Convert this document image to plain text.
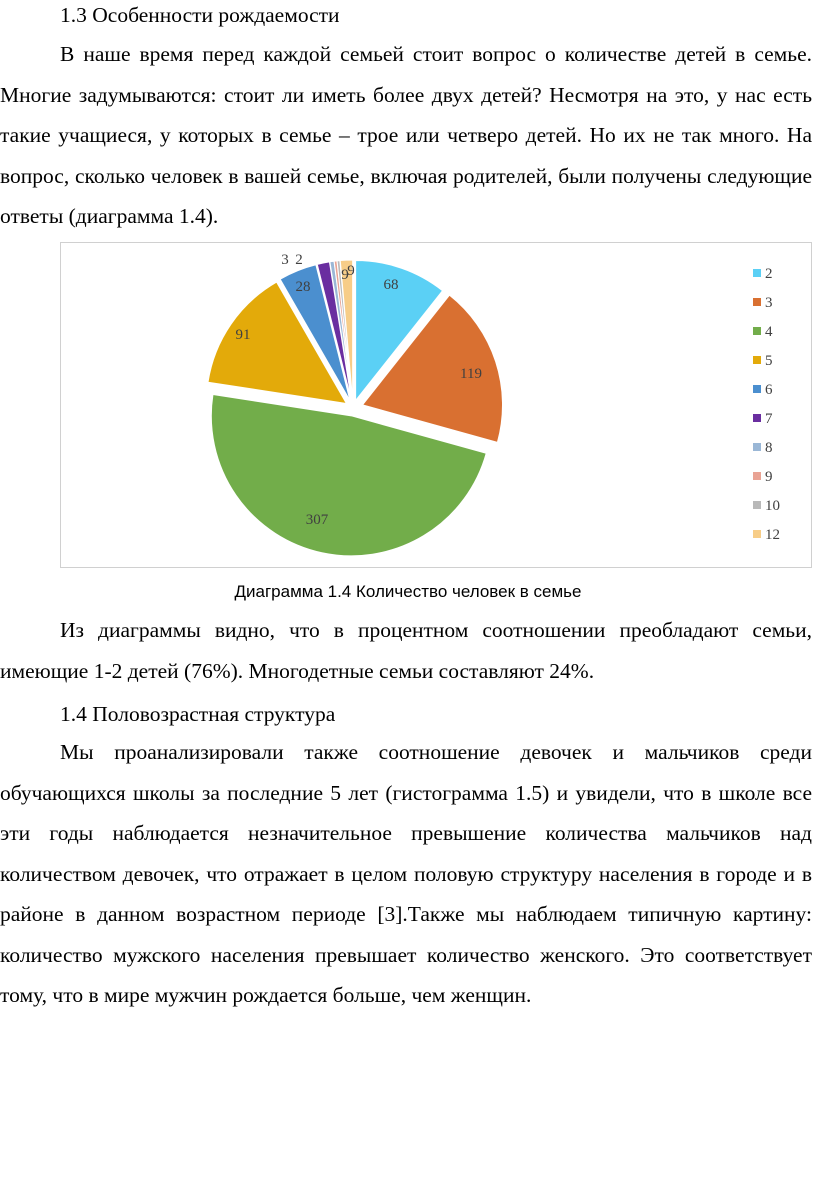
1.3 Особенности рождаемости

В наше время перед каждой семьей стоит вопрос о количестве детей в семье. Многие задумываются: стоит ли иметь более двух детей? Несмотря на это, у нас есть такие учащиеся, у которых в семье – трое или четверо детей. Но их не так много. На вопрос, сколько человек в вашей семье, включая родителей, были получены следующие ответы (диаграмма 1.4).

68
119
307
91
28
9
3 2
9	2
3
4
5
6
7
8
9
10
12
Диаграмма 1.4 Количество человек в семье

Из диаграммы видно, что в процентном соотношении преобладают семьи, имеющие 1-2 детей (76%). Многодетные семьи составляют 24%.

1.4 Половозрастная структура

Мы проанализировали также соотношение девочек и мальчиков среди обучающихся школы за последние 5 лет (гистограмма 1.5) и увидели, что в школе все эти годы наблюдается незначительное превышение количества мальчиков над количеством девочек, что отражает в целом половую структуру населения в городе и в районе в данном возрастном периоде [3].Также мы наблюдаем типичную картину: количество мужского населения превышает количество женского. Это соответствует тому, что в мире мужчин рождается больше, чем женщин.
